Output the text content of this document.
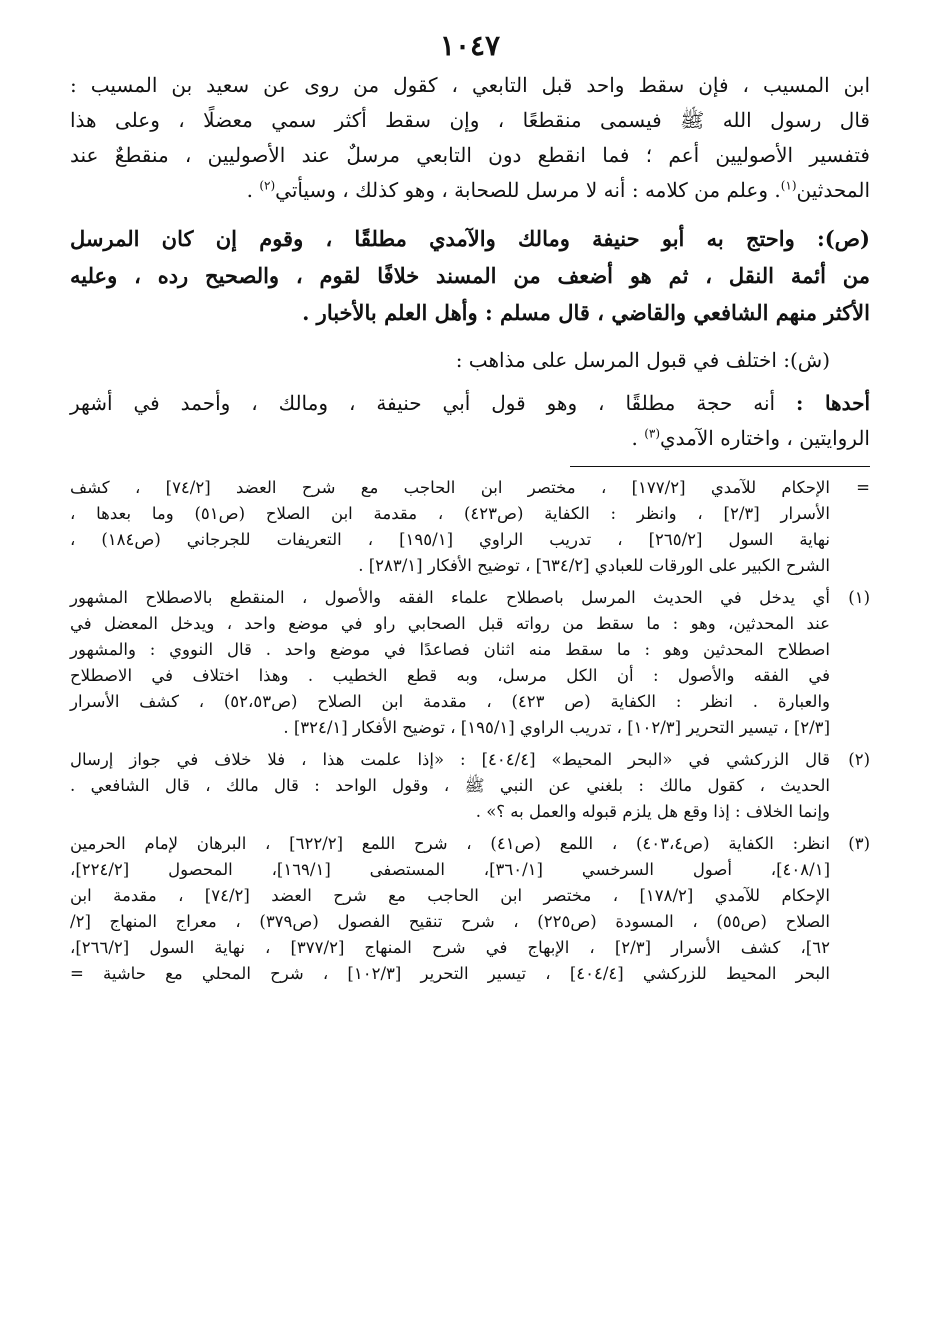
١٠٤٧
ابن المسيب ، فإن سقط واحد قبل التابعي ، كقول من روى عن سعيد بن المسيب :
قال رسول الله ﷺ فيسمى منقطعًا ، وإن سقط أكثر سمي معضلًا ، وعلى هذا
فتفسير الأصوليين أعم ؛ فما انقطع دون التابعي مرسلٌ عند الأصوليين ، منقطعٌ عند
المحدثين$^{(١)}$. وعلم من كلامه : أنه لا مرسل للصحابة ، وهو كذلك ، وسيأتي$^{(٢)}$ .
(ص): واحتج به أبو حنيفة ومالك والآمدي مطلقًا ، وقوم إن كان المرسل
من أئمة النقل ، ثم هو أضعف من المسند خلافًا لقوم ، والصحيح رده ، وعليه
الأكثر منهم الشافعي والقاضي ، قال مسلم : وأهل العلم بالأخبار .
(ش): اختلف في قبول المرسل على مذاهب :
أحدها : أنه حجة مطلقًا ، وهو قول أبي حنيفة ، ومالك ، وأحمد في أشهر
الروايتين ، واختاره الآمدي$^{(٣)}$ .
=
الإحكام للآمدي [١٧٧/٢] ، مختصر ابن الحاجب مع شرح العضد [٧٤/٢] ، كشف
الأسرار [٢/٣] ، وانظر : الكفاية (ص٤٢٣) ، مقدمة ابن الصلاح (ص٥١) وما بعدها ،
نهاية السول [٢٦٥/٢] ، تدريب الراوي [١٩٥/١] ، التعريفات للجرجاني (ص١٨٤) ،
الشرح الكبير على الورقات للعبادي [٦٣٤/٢] ، توضيح الأفكار [٢٨٣/١] .
(١)
أي يدخل في الحديث المرسل باصطلاح علماء الفقه والأصول ، المنقطع بالاصطلاح المشهور
عند المحدثين، وهو : ما سقط من رواته قبل الصحابي راو في موضع واحد ، ويدخل المعضل في
اصطلاح المحدثين وهو : ما سقط منه اثنان فصاعدًا في موضع واحد . قال النووي : والمشهور
في الفقه والأصول : أن الكل مرسل، وبه قطع الخطيب . وهذا اختلاف في الاصطلاح
والعبارة . انظر : الكفاية (ص ٤٢٣) ، مقدمة ابن الصلاح (ص٥٢،٥٣) ، كشف الأسرار
[٢/٣] ، تيسير التحرير [١٠٢/٣] ، تدريب الراوي [١٩٥/١] ، توضيح الأفكار [٣٢٤/١] .
(٢)
قال الزركشي في «البحر المحيط» [٤٠٤/٤] : «إذا علمت هذا ، فلا خلاف في جواز إرسال
الحديث ، كقول مالك : بلغني عن النبي ﷺ ، وقول الواحد : قال مالك ، قال الشافعي .
وإنما الخلاف : إذا وقع هل يلزم قبوله والعمل به ؟» .
(٣)
انظر: الكفاية (ص٤٠٣،٤) ، اللمع (ص٤١) ، شرح اللمع [٦٢٢/٢] ، البرهان لإمام الحرمين
[٤٠٨/١]، أصول السرخسي [٣٦٠/١]، المستصفى [١٦٩/١]، المحصول [٢٢٤/٢]،
الإحكام للآمدي [١٧٨/٢] ، مختصر ابن الحاجب مع شرح العضد [٧٤/٢] ، مقدمة ابن
الصلاح (ص٥٥) ، المسودة (ص٢٢٥) ، شرح تنقيح الفصول (ص٣٧٩) ، معراج المنهاج [٢/
٦٢]، كشف الأسرار [٢/٣] ، الإبهاج في شرح المنهاج [٣٧٧/٢] ، نهاية السول [٢٦٦/٢]،
البحر المحيط للزركشي [٤٠٤/٤] ، تيسير التحرير [١٠٢/٣] ، شرح المحلي مع حاشية =
